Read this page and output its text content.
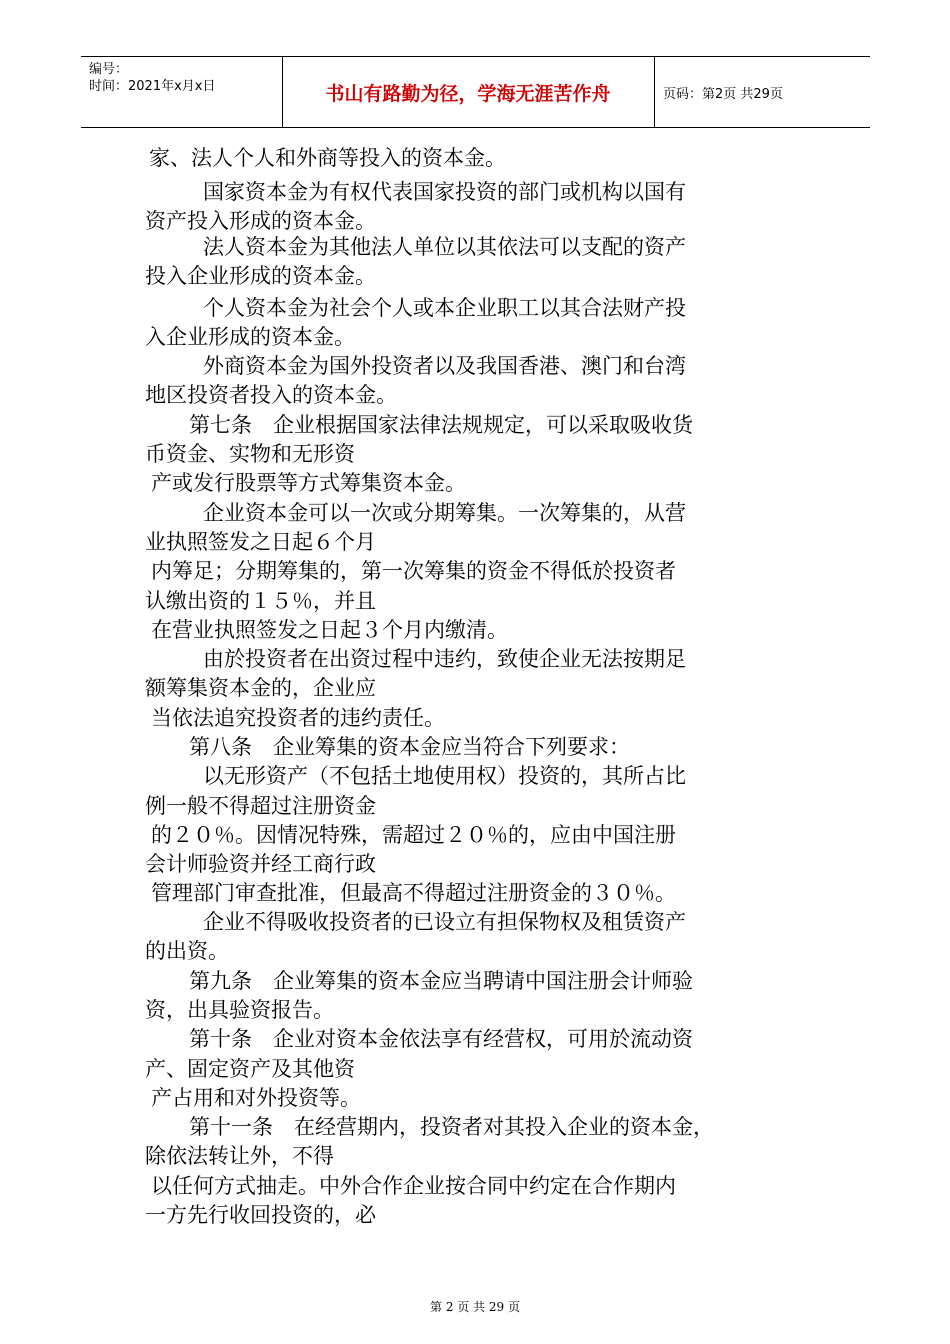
编号：
时间：2021年x月x日	书山有路勤为径，学海无涯苦作舟	页码：第2页 共29页
家、法人个人和外商等投入的资本金。
国家资本金为有权代表国家投资的部门或机构以国有
资产投入形成的资本金。
法人资本金为其他法人单位以其依法可以支配的资产
投入企业形成的资本金。
个人资本金为社会个人或本企业职工以其合法财产投
入企业形成的资本金。
外商资本金为国外投资者以及我国香港、澳门和台湾
地区投资者投入的资本金。
第七条　企业根据国家法律法规规定，可以采取吸收货
币资金、实物和无形资
产或发行股票等方式筹集资本金。
企业资本金可以一次或分期筹集。一次筹集的，从营
业执照签发之日起６个月
内筹足；分期筹集的，第一次筹集的资金不得低於投资者
认缴出资的１５％，并且
在营业执照签发之日起３个月内缴清。
由於投资者在出资过程中违约，致使企业无法按期足
额筹集资本金的，企业应
当依法追究投资者的违约责任。
第八条　企业筹集的资本金应当符合下列要求：
以无形资产（不包括土地使用权）投资的，其所占比
例一般不得超过注册资金
的２０％。因情况特殊，需超过２０％的，应由中国注册
会计师验资并经工商行政
管理部门审查批准，但最高不得超过注册资金的３０％。
企业不得吸收投资者的已设立有担保物权及租赁资产
的出资。
第九条　企业筹集的资本金应当聘请中国注册会计师验
资，出具验资报告。
第十条　企业对资本金依法享有经营权，可用於流动资
产、固定资产及其他资
产占用和对外投资等。
第十一条　在经营期内，投资者对其投入企业的资本金，
除依法转让外，不得
以任何方式抽走。中外合作企业按合同中约定在合作期内
一方先行收回投资的，必
第 2 页 共 29 页
